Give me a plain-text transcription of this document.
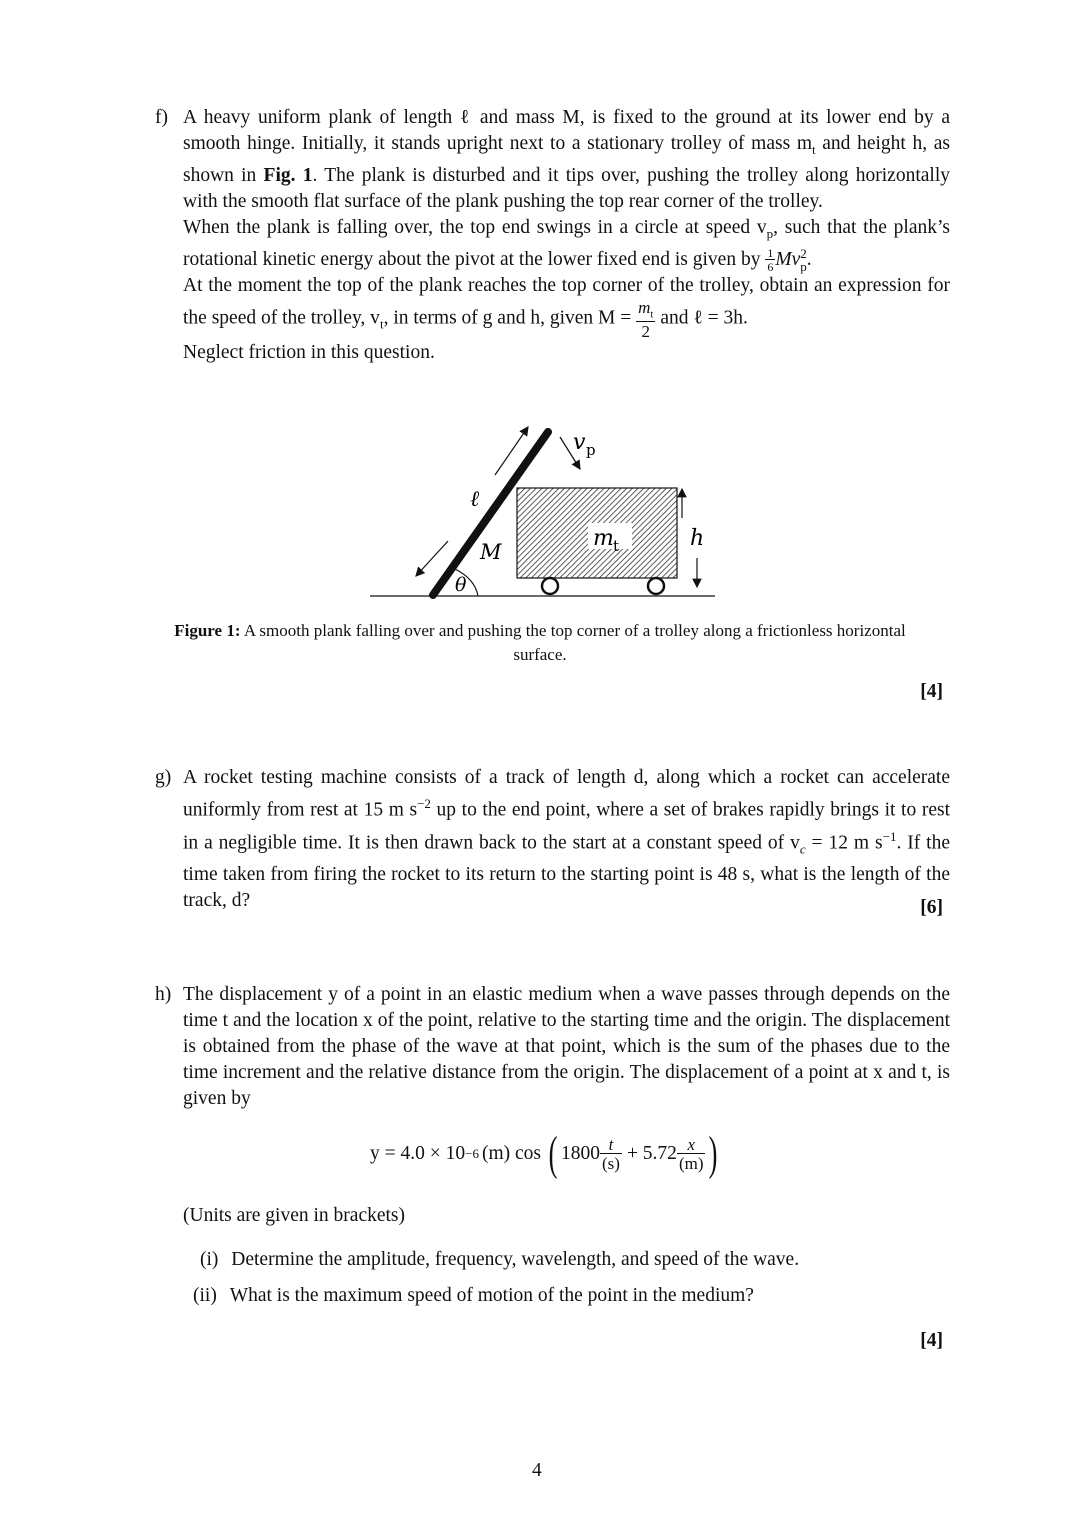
f) A heavy uniform plank of length ℓ and mass M, is fixed to the ground at its lower end by a smooth hinge. Initially, it stands upright next to a stationary trolley of mass $m_t$ and height h, as shown in Fig. 1. The plank is disturbed and it tips over, pushing the trolley along horizontally with the smooth flat surface of the plank pushing the top rear corner of the trolley.

When the plank is falling over, the top end swings in a circle at speed $v_p$, such that the plank’s rotational kinetic energy about the pivot at the lower fixed end is given by $\frac{1}{6}$ Mv 2
p .

At the moment the top of the plank reaches the top corner of the trolley, obtain an expression for the speed of the trolley, $v_t$, in terms of g and h, given $M = \frac{m_t}{2}$ and ℓ = 3h.

Neglect friction in this question.

v p
ℓ
M
m t	h
θ
Figure 1: A smooth plank falling over and pushing the top corner of a trolley along a frictionless horizontal surface.
[4]
g) A rocket testing machine consists of a track of length d, along which a rocket can accelerate uniformly from rest at 15 m $s^{-2}$ up to the end point, where a set of brakes rapidly brings it to rest in a negligible time. It is then drawn back to the start at a constant speed of $v_c = 12$ m $s^{-1}$. If the time taken from firing the rocket to its return to the starting point is 48 s, what is the length of the track, d?	[6]
h) The displacement y of a point in an elastic medium when a wave passes through depends on the time t and the location x of the point, relative to the starting time and the origin. The displacement is obtained from the phase of the wave at that point, which is the sum of the phases due to the time increment and the relative distance from the origin. The displacement of a point at x and t, is given by

y = 4.0 × 10 −6 (m) cos ( $1800 \frac{t}{(s)} + 5.72 \frac{x}{(m)}$ )
(Units are given in brackets)
(i) Determine the amplitude, frequency, wavelength, and speed of the wave.
(ii) What is the maximum speed of motion of the point in the medium?
[4]
4
